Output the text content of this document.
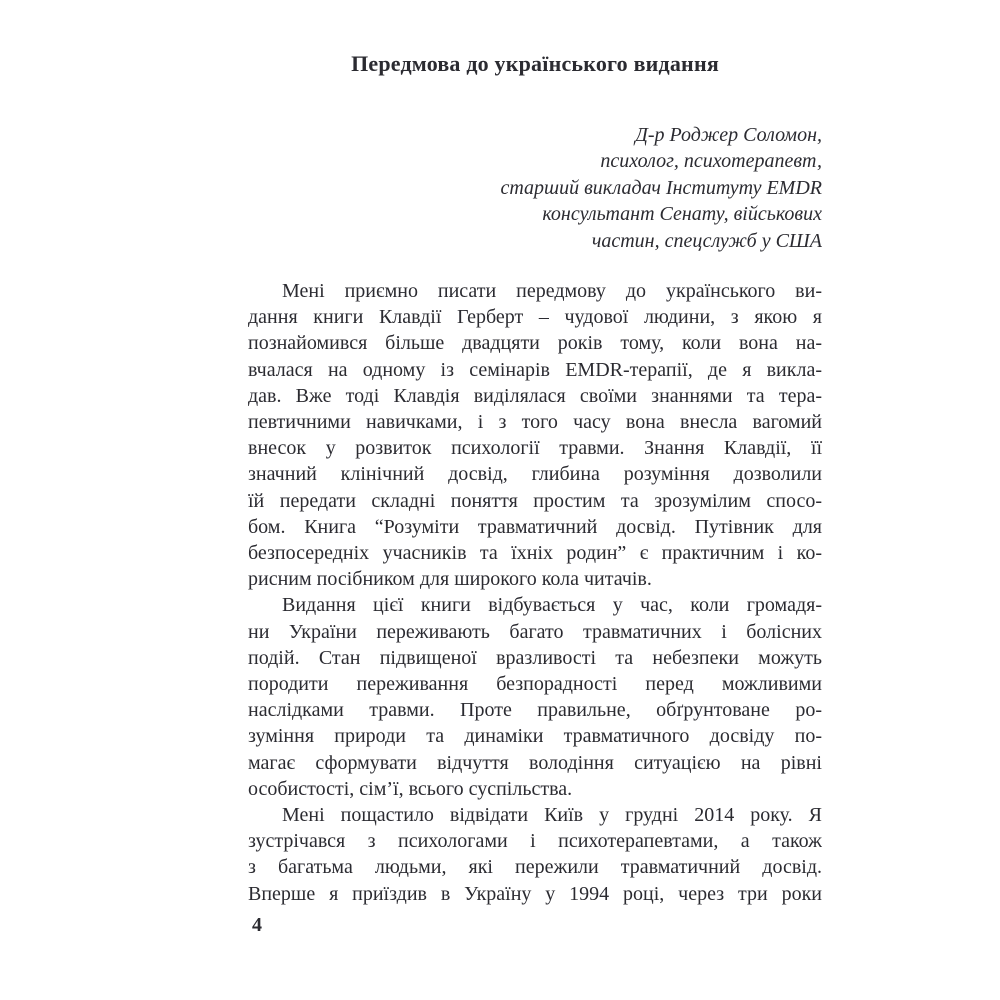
Передмова до українського видання
Д-р Роджер Соломон,
психолог, психотерапевт,
старший викладач Інституту EMDR
консультант Сенату, військових
частин, спецслужб у США
Мені приємно писати передмову до українського ви-
дання книги Клавдії Герберт – чудової людини, з якою я
познайомився більше двадцяти років тому, коли вона на-
вчалася на одному із семінарів EMDR-терапії, де я викла-
дав. Вже тоді Клавдія виділялася своїми знаннями та тера-
певтичними навичками, і з того часу вона внесла вагомий
внесок у розвиток психології травми. Знання Клавдії, її
значний клінічний досвід, глибина розуміння дозволили
їй передати складні поняття простим та зрозумілим спосо-
бом. Книга “Розуміти травматичний досвід. Путівник для
безпосередніх учасників та їхніх родин” є практичним і ко-
рисним посібником для широкого кола читачів.
Видання цієї книги відбувається у час, коли громадя-
ни України переживають багато травматичних і болісних
подій. Стан підвищеної вразливості та небезпеки можуть
породити переживання безпорадності перед можливими
наслідками травми. Проте правильне, обґрунтоване ро-
зуміння природи та динаміки травматичного досвіду по-
магає сформувати відчуття володіння ситуацією на рівні
особистості, сім’ї, всього суспільства.
Мені пощастило відвідати Київ у грудні 2014 року. Я
зустрічався з психологами і психотерапевтами, а також
з багатьма людьми, які пережили травматичний досвід.
Вперше я приїздив в Україну у 1994 році, через три роки
4
